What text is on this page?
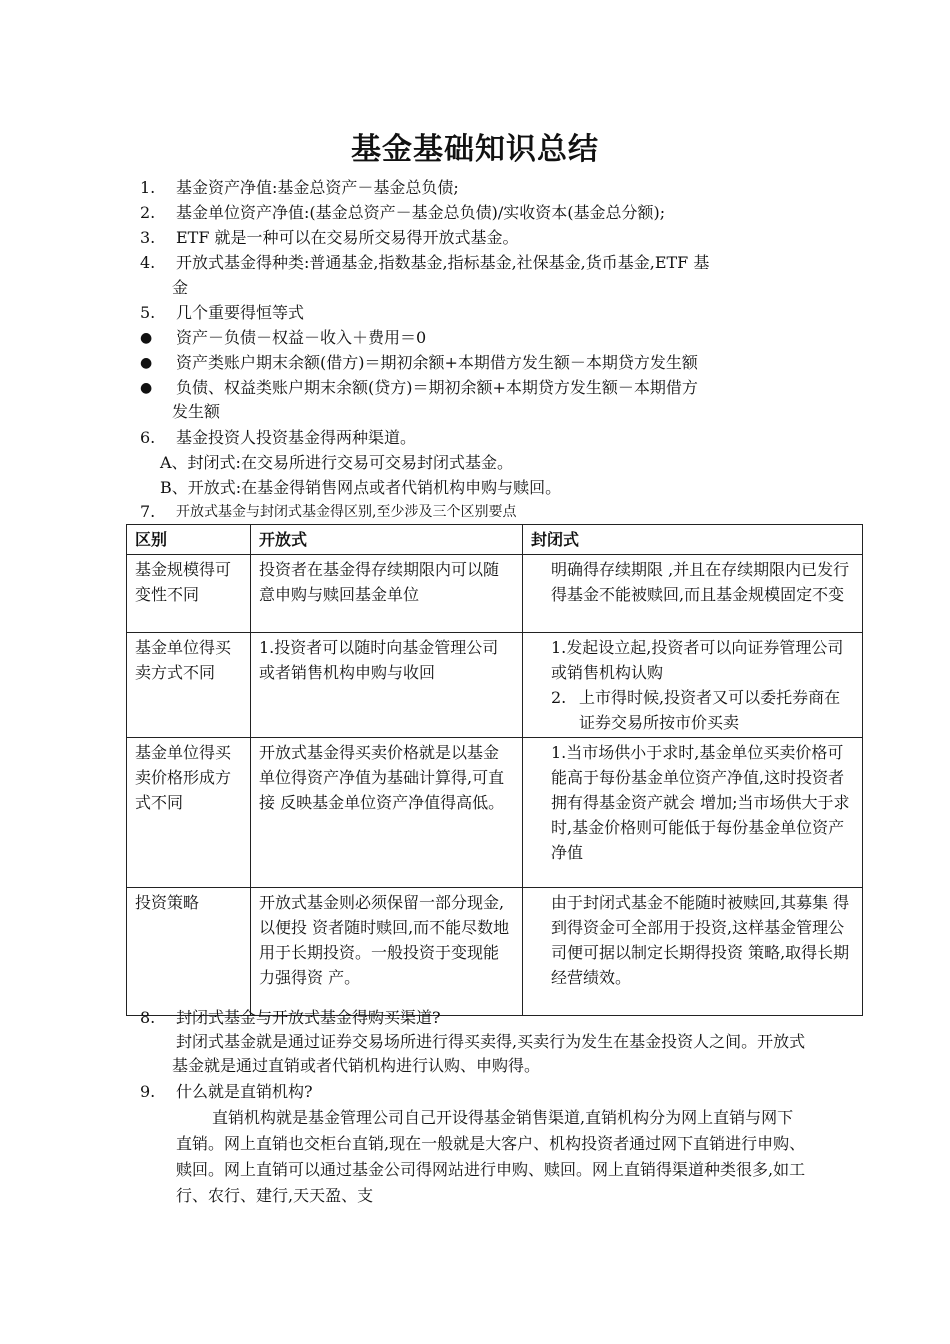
基金基础知识总结
1. 基金资产净值:基金总资产－基金总负债;
2. 基金单位资产净值:(基金总资产－基金总负债)/实收资本(基金总分额);
3. ETF 就是一种可以在交易所交易得开放式基金。
4. 开放式基金得种类:普通基金,指数基金,指标基金,社保基金,货币基金,ETF 基
金
5. 几个重要得恒等式
● 资产－负债－权益－收入＋费用＝0
● 资产类账户期末余额(借方)＝期初余额+本期借方发生额－本期贷方发生额
● 负债、权益类账户期末余额(贷方)＝期初余额+本期贷方发生额－本期借方
发生额
6. 基金投资人投资基金得两种渠道。
A、封闭式:在交易所进行交易可交易封闭式基金。
B、开放式:在基金得销售网点或者代销机构申购与赎回。
7. 开放式基金与封闭式基金得区别,至少涉及三个区别要点
区别	开放式	封闭式
基金规模得可变性不同	投资者在基金得存续期限内可以随意申购与赎回基金单位	明确得存续期限 ,并且在存续期限内已发行得基金不能被赎回,而且基金规模固定不变
基金单位得买卖方式不同	1.投资者可以随时向基金管理公司或者销售机构申购与收回	1.发起设立起,投资者可以向证券管理公司或销售机构认购
2. 上市得时候,投资者又可以委托券商在证券交易所按市价买卖

基金单位得买卖价格形成方式不同	开放式基金得买卖价格就是以基金单位得资产净值为基础计算得,可直接 反映基金单位资产净值得高低。	1.当市场供小于求时,基金单位买卖价格可能高于每份基金单位资产净值,这时投资者拥有得基金资产就会 增加;当市场供大于求时,基金价格则可能低于每份基金单位资产净值
投资策略	开放式基金则必须保留一部分现金,以便投 资者随时赎回,而不能尽数地用于长期投资。一般投资于变现能力强得资 产。	由于封闭式基金不能随时被赎回,其募集 得到得资金可全部用于投资,这样基金管理公司便可据以制定长期得投资 策略,取得长期经营绩效。
8. 封闭式基金与开放式基金得购买渠道?
封闭式基金就是通过证券交易场所进行得买卖得,买卖行为发生在基金投资人之间。开放式基金就是通过直销或者代销机构进行认购、申购得。
9. 什么就是直销机构?
直销机构就是基金管理公司自己开设得基金销售渠道,直销机构分为网上直销与网下直销。网上直销也交柜台直销,现在一般就是大客户、机构投资者通过网下直销进行申购、赎回。网上直销可以通过基金公司得网站进行申购、赎回。网上直销得渠道种类很多,如工行、农行、建行,天天盈、支
